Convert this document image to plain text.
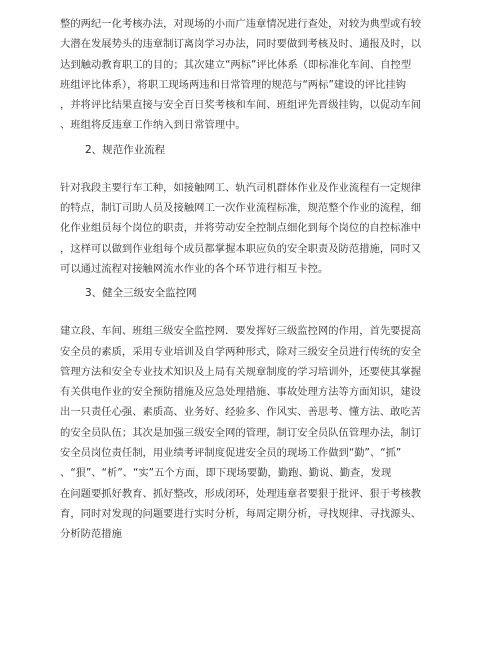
整的两纪一化考核办法，对现场的小而广违章情况进行查处，对较为典型或有较
大潜在发展势头的违章制订离岗学习办法，同时要做到考核及时、通报及时，以
达到触动教育职工的目的；其次建立“两标”评比体系（即标准化车间、自控型
班组评比体系），将职工现场两违和日常管理的规范与“两标”建设的评比挂钩
，并将评比结果直接与安全百日奖考核和车间、班组评先晋级挂钩，以促动车间
、班组将反违章工作纳入到日常管理中。
2、规范作业流程
针对我段主要行车工种，如接触网工、轨汽司机群体作业及作业流程有一定规律
的特点，制订司助人员及接触网工一次作业流程标准，规范整个作业的流程，细
化作业组员每个岗位的职责，并将劳动安全控制点细化到每个岗位的自控标准中
，这样可以做到作业组每个成员都掌握本职应负的安全职责及防范措施，同时又
可以通过流程对接触网流水作业的各个环节进行相互卡控。
3、健全三级安全监控网
建立段、车间、班组三级安全监控网．要发挥好三级监控网的作用，首先要提高
安全员的素质，采用专业培训及自学两种形式，除对三级安全员进行传统的安全
管理方法和安全专业技术知识及上局有关规章制度的学习培训外，还要使其掌握
有关供电作业的安全预防措施及应急处理措施、事故处理方法等方面知识，建设
出一只责任心强、素质高、业务好、经验多、作风实、善思考、懂方法、敢吃苦
的安全员队伍；其次是加强三级安全网的管理，制订安全员队伍管理办法，制订
安全员岗位责任制，用业绩考评制度促进安全员的现场工作做到“勤”、“抓”
、“狠”、“析”、“实”五个方面，即下现场要勤，勤跑、勤说、勤查，发现
在问题要抓好教育、抓好整改，形成闭环，处理违章者要狠于批评、狠于考核教
育，同时对发现的问题要进行实时分析，每周定期分析，寻找规律、寻找源头、
分析防范措施
